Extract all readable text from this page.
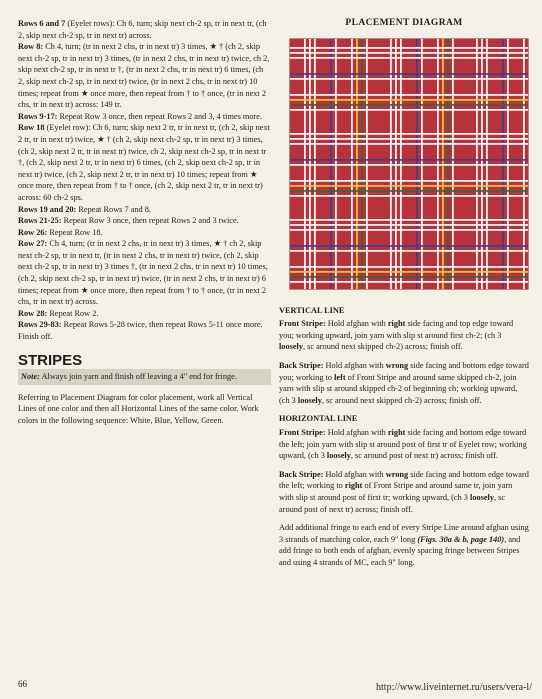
Rows 6 and 7 (Eyelet rows): Ch 6, turn; skip next ch-2 sp, tr in next tr, (ch 2, skip next ch-2 sp, tr in next tr) across.

Row 8: Ch 4, turn; (tr in next 2 chs, tr in next tr) 3 times, ★ † (ch 2, skip next ch-2 sp, tr in next tr) 3 times, (tr in next 2 chs, tr in next tr) twice, ch 2, skip next ch-2 sp, tr in next tr †, (tr in next 2 chs, tr in next tr) 6 times, (ch 2, skip next ch-2 sp, tr in next tr) twice, (tr in next 2 chs, tr in next tr) 10 times; repeat from ★ once more, then repeat from † to † once, (tr in next 2 chs, tr in next tr) across: 149 tr.

Rows 9-17: Repeat Row 3 once, then repeat Rows 2 and 3, 4 times more.

Row 18 (Eyelet row): Ch 6, turn; skip next 2 tr, tr in next tr, (ch 2, skip next 2 tr, tr in next tr) twice, ★ † (ch 2, skip next ch-2 sp, tr in next tr) 3 times, (ch 2, skip next 2 tr, tr in next tr) twice, ch 2, skip next ch-2 sp, tr in next tr †, (ch 2, skip next 2 tr, tr in next tr) 6 times, (ch 2, skip next ch-2 sp, tr in next tr) twice, (ch 2, skip next 2 tr, tr in next tr) 10 times; repeat from ★ once more, then repeat from † to † once, (ch 2, skip next 2 tr, tr in next tr) across: 60 ch-2 sps.

Rows 19 and 20: Repeat Rows 7 and 8.

Rows 21-25: Repeat Row 3 once, then repeat Rows 2 and 3 twice.

Row 26: Repeat Row 18.

Row 27: Ch 4, turn; (tr in next 2 chs, tr in next tr) 3 times, ★ † ch 2, skip next ch-2 sp, tr in next tr, (tr in next 2 chs, tr in next tr) twice, (ch 2, skip next ch-2 sp, tr in next tr) 3 times †, (tr in next 2 chs, tr in next tr) 10 times, (ch 2, skip next ch-2 sp, tr in next tr) twice, (tr in next 2 chs, tr in next tr) 6 times; repeat from ★ once more, then repeat from † to † once, (tr in next 2 chs, tr in next tr) across.

Row 28: Repeat Row 2.

Rows 29-83: Repeat Rows 5-28 twice, then repeat Rows 5-11 once more. Finish off.

STRIPES
Note: Always join yarn and finish off leaving a 4" end for fringe.

Referring to Placement Diagram for color placement, work all Vertical Lines of one color and then all Horizontal Lines of the same color. Work colors in the following sequence: White, Blue, Yellow, Green.

PLACEMENT DIAGRAM
VERTICAL LINE

Front Stripe: Hold afghan with right side facing and top edge toward you; working upward, join yarn with slip st around first ch-2; (ch 3 loosely, sc around next skipped ch-2) across; finish off.

Back Stripe: Hold afghan with wrong side facing and bottom edge toward you; working to left of Front Stripe and around same skipped ch-2, join yarn with slip st around skipped ch-2 of beginning ch; working upward, (ch 3 loosely, sc around next skipped ch-2) across; finish off.

HORIZONTAL LINE

Front Stripe: Hold afghan with right side facing and bottom edge toward the left; join yarn with slip st around post of first tr of Eyelet row; working upward, (ch 3 loosely, sc around post of next tr) across; finish off.

Back Stripe: Hold afghan with wrong side facing and bottom edge toward the left; working to right of Front Stripe and around same tr, join yarn with slip st around post of first tr; working upward, (ch 3 loosely, sc around post of next tr) across; finish off.

Add additional fringe to each end of every Stripe Line around afghan using 3 strands of matching color, each 9" long (Figs. 30a & b, page 140), and add fringe to both ends of afghan, evenly spacing fringe between Stripes and using 4 strands of MC, each 9" long.

66	http://www.liveinternet.ru/users/vera-l/
